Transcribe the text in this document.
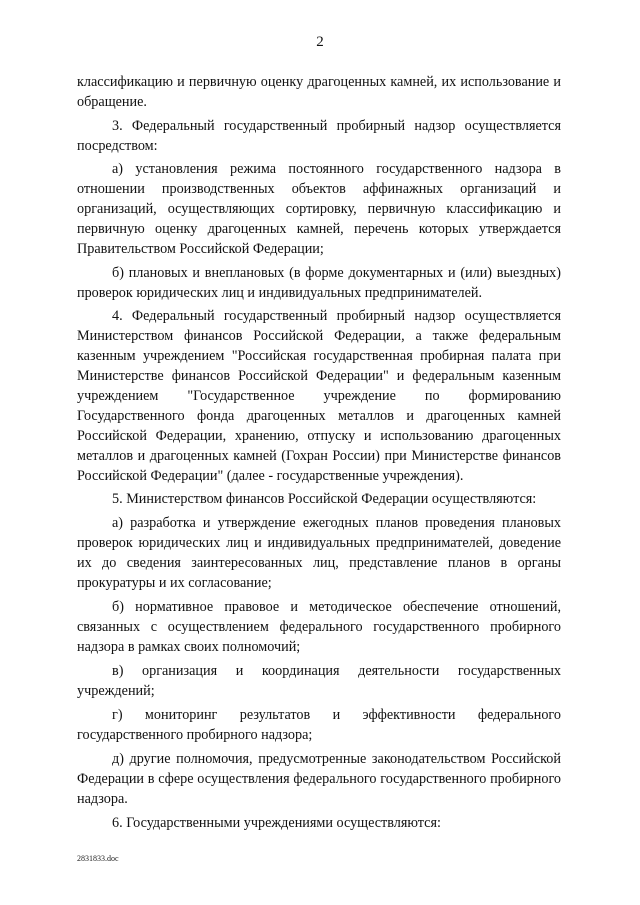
2

классификацию и первичную оценку драгоценных камней, их использование и обращение.

3. Федеральный государственный пробирный надзор осуществляется посредством:

а) установления режима постоянного государственного надзора в отношении производственных объектов аффинажных организаций и организаций, осуществляющих сортировку, первичную классификацию и первичную оценку драгоценных камней, перечень которых утверждается Правительством Российской Федерации;

б) плановых и внеплановых (в форме документарных и (или) выездных) проверок юридических лиц и индивидуальных предпринимателей.

4. Федеральный государственный пробирный надзор осуществляется Министерством финансов Российской Федерации, а также федеральным казенным учреждением "Российская государственная пробирная палата при Министерстве финансов Российской Федерации" и федеральным казенным учреждением "Государственное учреждение по формированию Государственного фонда драгоценных металлов и драгоценных камней Российской Федерации, хранению, отпуску и использованию драгоценных металлов и драгоценных камней (Гохран России) при Министерстве финансов Российской Федерации" (далее - государственные учреждения).

5. Министерством финансов Российской Федерации осуществляются:

а) разработка и утверждение ежегодных планов проведения плановых проверок юридических лиц и индивидуальных предпринимателей, доведение их до сведения заинтересованных лиц, представление планов в органы прокуратуры и их согласование;

б) нормативное правовое и методическое обеспечение отношений, связанных с осуществлением федерального государственного пробирного надзора в рамках своих полномочий;

в) организация и координация деятельности государственных учреждений;

г) мониторинг результатов и эффективности федерального государственного пробирного надзора;

д) другие полномочия, предусмотренные законодательством Российской Федерации в сфере осуществления федерального государственного пробирного надзора.

6. Государственными учреждениями осуществляются:

2831833.doc
